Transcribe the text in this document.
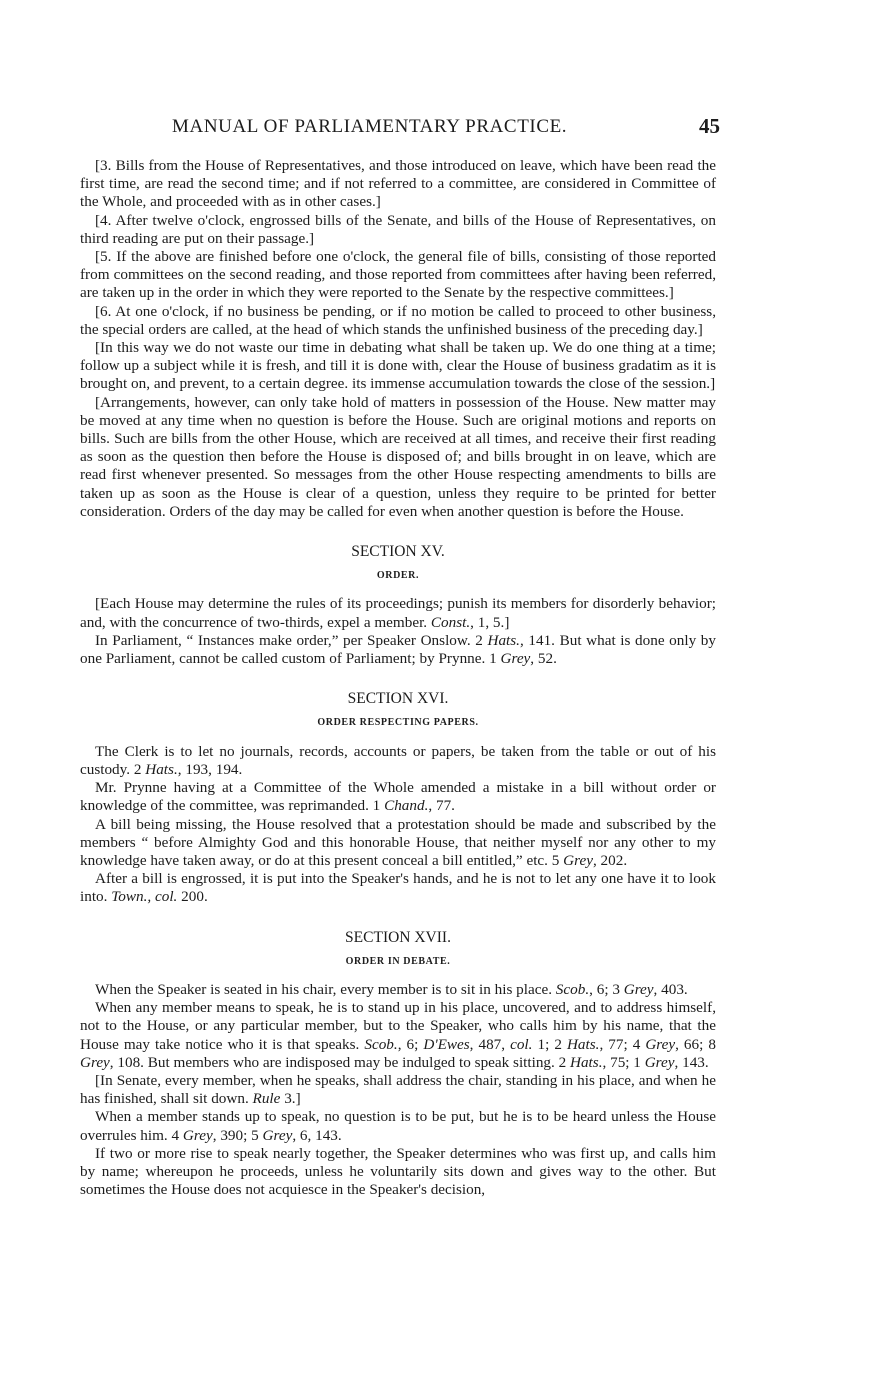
MANUAL OF PARLIAMENTARY PRACTICE.	45

[3. Bills from the House of Representatives, and those introduced on leave, which have been read the first time, are read the second time; and if not referred to a committee, are considered in Committee of the Whole, and proceeded with as in other cases.]

[4. After twelve o'clock, engrossed bills of the Senate, and bills of the House of Representatives, on third reading are put on their passage.]

[5. If the above are finished before one o'clock, the general file of bills, consisting of those reported from committees on the second reading, and those reported from committees after having been referred, are taken up in the order in which they were reported to the Senate by the respective committees.]

[6. At one o'clock, if no business be pending, or if no motion be called to proceed to other business, the special orders are called, at the head of which stands the unfinished business of the preceding day.]

[In this way we do not waste our time in debating what shall be taken up. We do one thing at a time; follow up a subject while it is fresh, and till it is done with, clear the House of business gradatim as it is brought on, and prevent, to a certain degree. its immense accumulation towards the close of the session.]

[Arrangements, however, can only take hold of matters in possession of the House. New matter may be moved at any time when no question is before the House. Such are original motions and reports on bills. Such are bills from the other House, which are received at all times, and receive their first reading as soon as the question then before the House is disposed of; and bills brought in on leave, which are read first whenever presented. So messages from the other House respecting amendments to bills are taken up as soon as the House is clear of a question, unless they require to be printed for better consideration. Orders of the day may be called for even when another question is before the House.

SECTION XV.

ORDER.

[Each House may determine the rules of its proceedings; punish its members for disorderly behavior; and, with the concurrence of two-thirds, expel a member. Const., 1, 5.]

In Parliament, “ Instances make order,” per Speaker Onslow. 2 Hats., 141. But what is done only by one Parliament, cannot be called custom of Parliament; by Prynne. 1 Grey, 52.

SECTION XVI.

ORDER RESPECTING PAPERS.

The Clerk is to let no journals, records, accounts or papers, be taken from the table or out of his custody. 2 Hats., 193, 194.

Mr. Prynne having at a Committee of the Whole amended a mistake in a bill without order or knowledge of the committee, was reprimanded. 1 Chand., 77.

A bill being missing, the House resolved that a protestation should be made and subscribed by the members “ before Almighty God and this honorable House, that neither myself nor any other to my knowledge have taken away, or do at this present conceal a bill entitled,” etc. 5 Grey, 202.

After a bill is engrossed, it is put into the Speaker's hands, and he is not to let any one have it to look into. Town., col. 200.

SECTION XVII.

ORDER IN DEBATE.

When the Speaker is seated in his chair, every member is to sit in his place. Scob., 6; 3 Grey, 403.

When any member means to speak, he is to stand up in his place, uncovered, and to address himself, not to the House, or any particular member, but to the Speaker, who calls him by his name, that the House may take notice who it is that speaks. Scob., 6; D'Ewes, 487, col. 1; 2 Hats., 77; 4 Grey, 66; 8 Grey, 108. But members who are indisposed may be indulged to speak sitting. 2 Hats., 75; 1 Grey, 143.

[In Senate, every member, when he speaks, shall address the chair, standing in his place, and when he has finished, shall sit down. Rule 3.]

When a member stands up to speak, no question is to be put, but he is to be heard unless the House overrules him. 4 Grey, 390; 5 Grey, 6, 143.

If two or more rise to speak nearly together, the Speaker determines who was first up, and calls him by name; whereupon he proceeds, unless he voluntarily sits down and gives way to the other. But sometimes the House does not acquiesce in the Speaker's decision,
